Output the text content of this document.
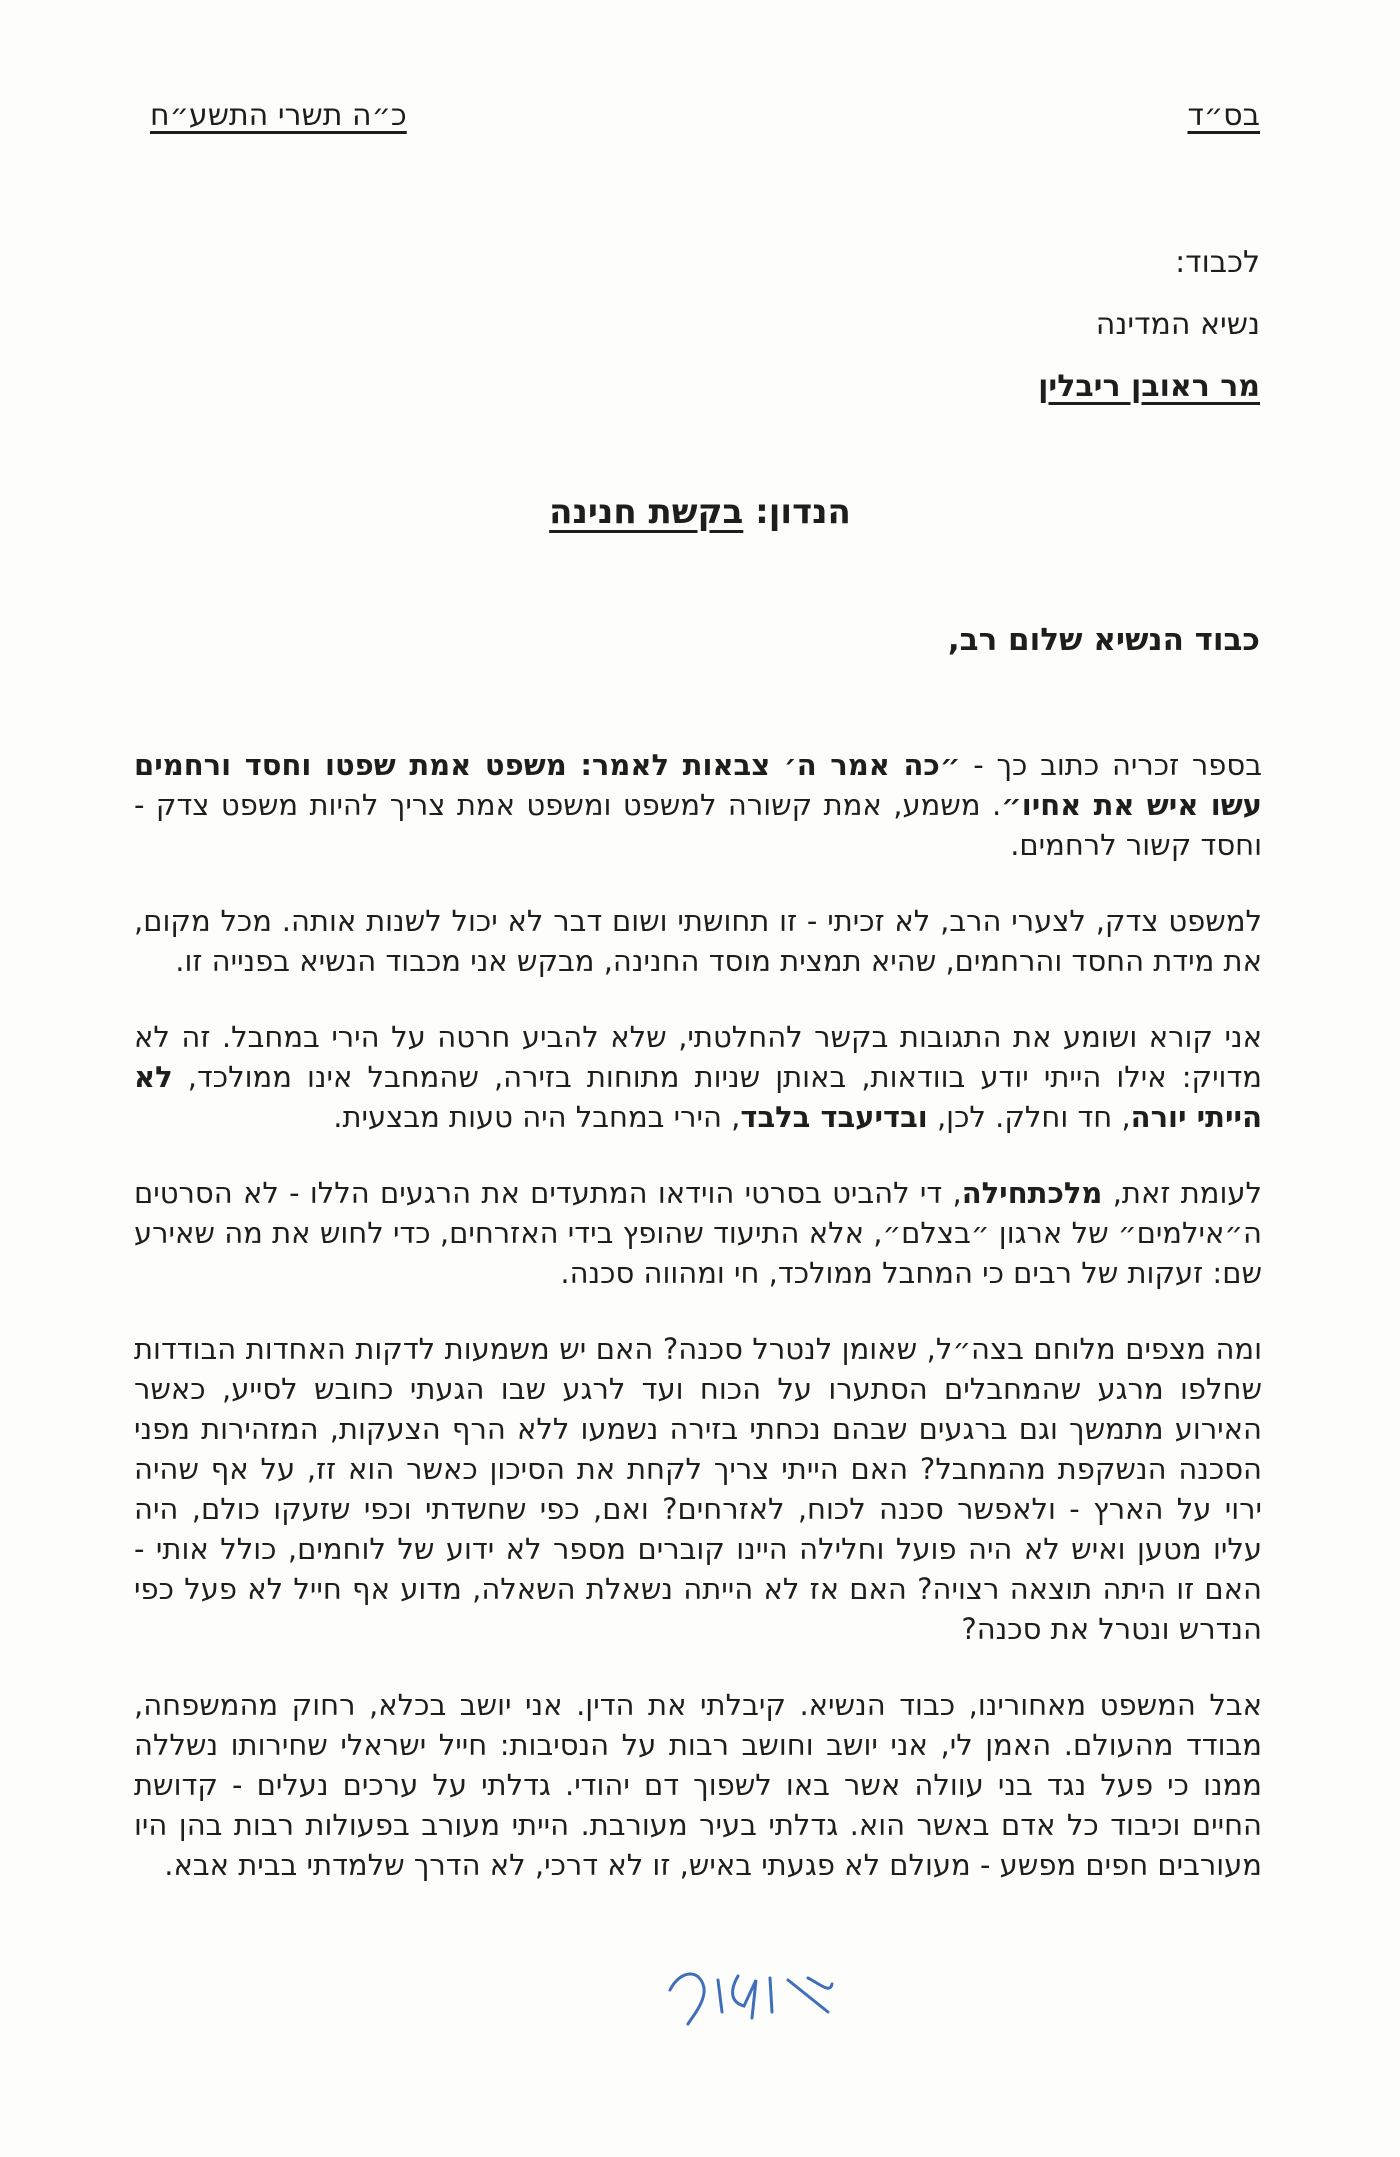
כ״ה תשרי התשע״ח	בס״ד
לכבוד:
נשיא המדינה
מר ראובן ריבלין
הנדון: בקשת חנינה
כבוד הנשיא שלום רב,

בספר זכריה כתוב כך - ״כה אמר ה׳ צבאות לאמר: משפט אמת שפטו וחסד ורחמים עשו איש את אחיו״. משמע, אמת קשורה למשפט ומשפט אמת צריך להיות משפט צדק - וחסד קשור לרחמים.

למשפט צדק, לצערי הרב, לא זכיתי - זו תחושתי ושום דבר לא יכול לשנות אותה. מכל מקום, את מידת החסד והרחמים, שהיא תמצית מוסד החנינה, מבקש אני מכבוד הנשיא בפנייה זו.

אני קורא ושומע את התגובות בקשר להחלטתי, שלא להביע חרטה על הירי במחבל. זה לא מדויק: אילו הייתי יודע בוודאות, באותן שניות מתוחות בזירה, שהמחבל אינו ממולכד, לא הייתי יורה, חד וחלק. לכן, ובדיעבד בלבד, הירי במחבל היה טעות מבצעית.

לעומת זאת, מלכתחילה, די להביט בסרטי הוידאו המתעדים את הרגעים הללו - לא הסרטים ה״אילמים״ של ארגון ״בצלם״, אלא התיעוד שהופץ בידי האזרחים, כדי לחוש את מה שאירע שם: זעקות של רבים כי המחבל ממולכד, חי ומהווה סכנה.

ומה מצפים מלוחם בצה״ל, שאומן לנטרל סכנה? האם יש משמעות לדקות האחדות הבודדות שחלפו מרגע שהמחבלים הסתערו על הכוח ועד לרגע שבו הגעתי כחובש לסייע, כאשר האירוע מתמשך וגם ברגעים שבהם נכחתי בזירה נשמעו ללא הרף הצעקות, המזהירות מפני הסכנה הנשקפת מהמחבל? האם הייתי צריך לקחת את הסיכון כאשר הוא זז, על אף שהיה ירוי על הארץ - ולאפשר סכנה לכוח, לאזרחים? ואם, כפי שחשדתי וכפי שזעקו כולם, היה עליו מטען ואיש לא היה פועל וחלילה היינו קוברים מספר לא ידוע של לוחמים, כולל אותי - האם זו היתה תוצאה רצויה? האם אז לא הייתה נשאלת השאלה, מדוע אף חייל לא פעל כפי הנדרש ונטרל את סכנה?

אבל המשפט מאחורינו, כבוד הנשיא. קיבלתי את הדין. אני יושב בכלא, רחוק מהמשפחה, מבודד מהעולם. האמן לי, אני יושב וחושב רבות על הנסיבות: חייל ישראלי שחירותו נשללה ממנו כי פעל נגד בני עוולה אשר באו לשפוך דם יהודי. גדלתי על ערכים נעלים - קדושת החיים וכיבוד כל אדם באשר הוא. גדלתי בעיר מעורבת. הייתי מעורב בפעולות רבות בהן היו מעורבים חפים מפשע - מעולם לא פגעתי באיש, זו לא דרכי, לא הדרך שלמדתי בבית אבא.
